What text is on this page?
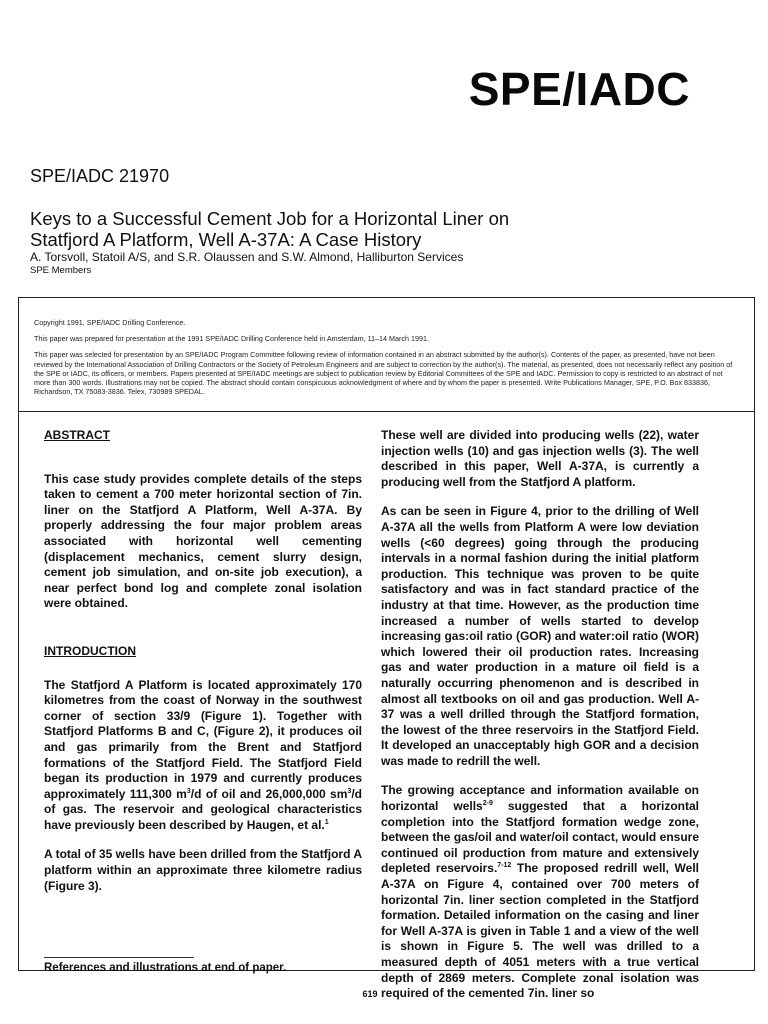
SPE/IADC
SPE/IADC 21970
Keys to a Successful Cement Job for a Horizontal Liner on
Statfjord A Platform, Well A-37A: A Case History
A. Torsvoll, Statoil A/S, and S.R. Olaussen and S.W. Almond, Halliburton Services
SPE Members

Copyright 1991, SPE/IADC Drilling Conference.

This paper was prepared for presentation at the 1991 SPE/IADC Drilling Conference held in Amsterdam, 11–14 March 1991.

This paper was selected for presentation by an SPE/IADC Program Committee following review of information contained in an abstract submitted by the author(s). Contents of the paper, as presented, have not been reviewed by the International Association of Drilling Contractors or the Society of Petroleum Engineers and are subject to correction by the author(s). The material, as presented, does not necessarily reflect any position of the SPE or IADC, its officers, or members. Papers presented at SPE/IADC meetings are subject to publication review by Editorial Committees of the SPE and IADC. Permission to copy is restricted to an abstract of not more than 300 words. Illustrations may not be copied. The abstract should contain conspicuous acknowledgment of where and by whom the paper is presented. Write Publications Manager, SPE, P.O. Box 833836, Richardson, TX 75083-3836. Telex, 730989 SPEDAL.

ABSTRACT

This case study provides complete details of the steps taken to cement a 700 meter horizontal section of 7in. liner on the Statfjord A Platform, Well A-37A. By properly addressing the four major problem areas associated with horizontal well cementing (displacement mechanics, cement slurry design, cement job simulation, and on-site job execution), a near perfect bond log and complete zonal isolation were obtained.

INTRODUCTION

The Statfjord A Platform is located approximately 170 kilometres from the coast of Norway in the southwest corner of section 33/9 (Figure 1). Together with Statfjord Platforms B and C, (Figure 2), it produces oil and gas primarily from the Brent and Statfjord formations of the Statfjord Field. The Statfjord Field began its production in 1979 and currently produces approximately 111,300 $m^3/d$ of oil and 26,000,000 $sm^3/d$ of gas. The reservoir and geological characteristics have previously been described by Haugen, et al.$^1$

A total of 35 wells have been drilled from the Statfjord A platform within an approximate three kilometre radius (Figure 3).

References and illustrations at end of paper.

These well are divided into producing wells (22), water injection wells (10) and gas injection wells (3). The well described in this paper, Well A-37A, is currently a producing well from the Statfjord A platform.

As can be seen in Figure 4, prior to the drilling of Well A-37A all the wells from Platform A were low deviation wells (<60 degrees) going through the producing intervals in a normal fashion during the initial platform production. This technique was proven to be quite satisfactory and was in fact standard practice of the industry at that time. However, as the production time increased a number of wells started to develop increasing gas:oil ratio (GOR) and water:oil ratio (WOR) which lowered their oil production rates. Increasing gas and water production in a mature oil field is a naturally occurring phenomenon and is described in almost all textbooks on oil and gas production. Well A-37 was a well drilled through the Statfjord formation, the lowest of the three reservoirs in the Statfjord Field. It developed an unacceptably high GOR and a decision was made to redrill the well.

The growing acceptance and information available on horizontal wells$^{2-9}$ suggested that a horizontal completion into the Statfjord formation wedge zone, between the gas/oil and water/oil contact, would ensure continued oil production from mature and extensively depleted reservoirs.$^{7-12}$ The proposed redrill well, Well A-37A on Figure 4, contained over 700 meters of horizontal 7in. liner section completed in the Statfjord formation. Detailed information on the casing and liner for Well A-37A is given in Table 1 and a view of the well is shown in Figure 5. The well was drilled to a measured depth of 4051 meters with a true vertical depth of 2869 meters. Complete zonal isolation was required of the cemented 7in. liner so

619
